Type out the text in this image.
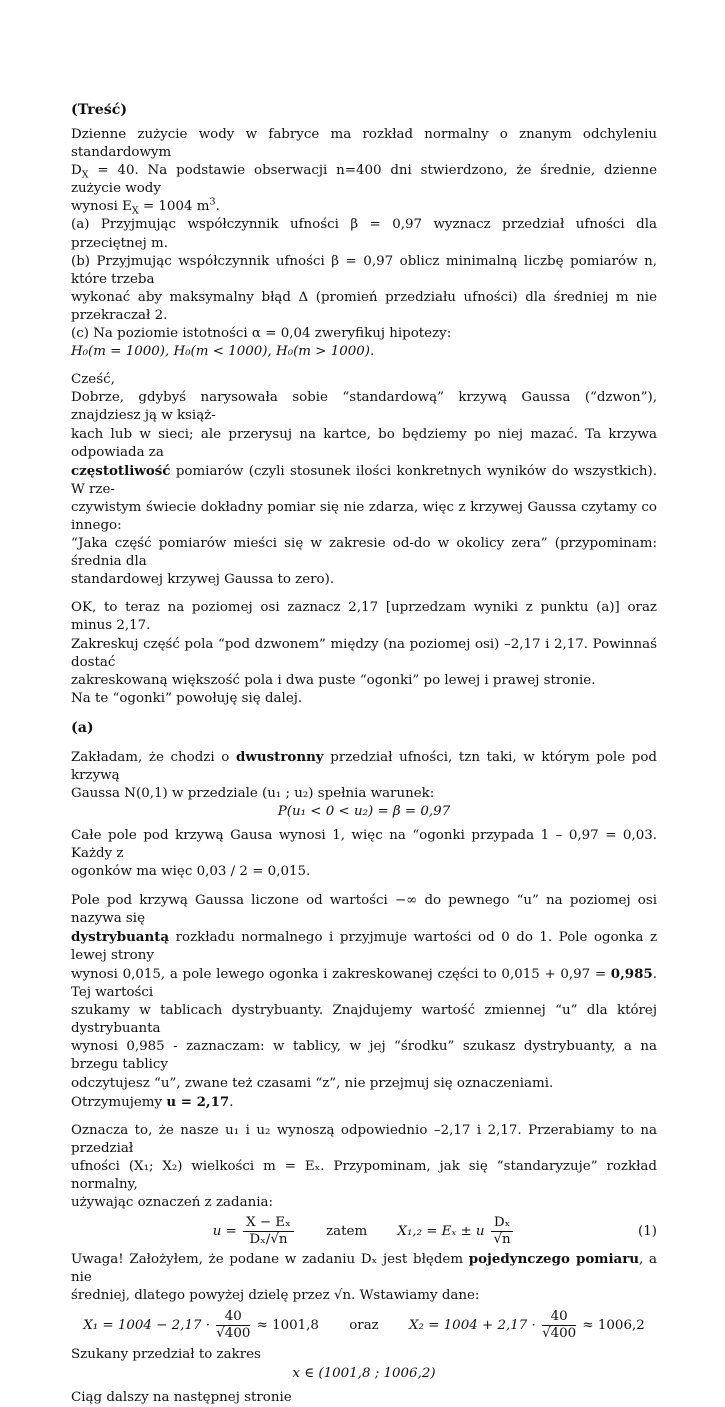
(Treść)

Dzienne zużycie wody w fabryce ma rozkład normalny o znanym odchyleniu standardowym

$D_X = 40$. Na podstawie obserwacji n=400 dni stwierdzono, że średnie, dzienne zużycie wody

wynosi $E_X = 1004$ $m^3$.

(a) Przyjmując współczynnik ufności β = 0,97 wyznacz przedział ufności dla przeciętnej m.

(b) Przyjmując współczynnik ufności β = 0,97 oblicz minimalną liczbę pomiarów n, które trzeba

wykonać aby maksymalny błąd Δ (promień przedziału ufności) dla średniej m nie przekraczał 2.

(c) Na poziomie istotności α = 0,04 zweryfikuj hipotezy:

H₀(m = 1000), H₀(m < 1000), H₀(m > 1000).

Cześć,

Dobrze, gdybyś narysowała sobie “standardową” krzywą Gaussa (“dzwon”), znajdziesz ją w książ-

kach lub w sieci; ale przerysuj na kartce, bo będziemy po niej mazać. Ta krzywa odpowiada za

częstotliwość pomiarów (czyli stosunek ilości konkretnych wyników do wszystkich). W rze-

czywistym świecie dokładny pomiar się nie zdarza, więc z krzywej Gaussa czytamy co innego:

“Jaka część pomiarów mieści się w zakresie od-do w okolicy zera” (przypominam: średnia dla

standardowej krzywej Gaussa to zero).

OK, to teraz na poziomej osi zaznacz 2,17 [uprzedzam wyniki z punktu (a)] oraz minus 2,17.

Zakreskuj część pola “pod dzwonem” między (na poziomej osi) –2,17 i 2,17. Powinnaś dostać

zakreskowaną większość pola i dwa puste “ogonki” po lewej i prawej stronie.

Na te “ogonki” powołuję się dalej.

(a)

Zakładam, że chodzi o dwustronny przedział ufności, tzn taki, w którym pole pod krzywą

Gaussa N(0,1) w przedziale (u₁ ; u₂) spełnia warunek:

P(u₁ < 0 < u₂) = β = 0,97

Całe pole pod krzywą Gausa wynosi 1, więc na “ogonki przypada 1 – 0,97 = 0,03. Każdy z

ogonków ma więc 0,03 / 2 = 0,015.

Pole pod krzywą Gaussa liczone od wartości −∞ do pewnego “u” na poziomej osi nazywa się

dystrybuantą rozkładu normalnego i przyjmuje wartości od 0 do 1. Pole ogonka z lewej strony

wynosi 0,015, a pole lewego ogonka i zakreskowanej części to 0,015 + 0,97 = 0,985. Tej wartości

szukamy w tablicach dystrybuanty. Znajdujemy wartość zmiennej “u” dla której dystrybuanta

wynosi 0,985 - zaznaczam: w tablicy, w jej “środku” szukasz dystrybuanty, a na brzegu tablicy

odczytujesz “u”, zwane też czasami “z”, nie przejmuj się oznaczeniami.

Otrzymujemy u = 2,17.

Oznacza to, że nasze u₁ i u₂ wynoszą odpowiednio –2,17 i 2,17. Przerabiamy to na przedział

ufności (X₁; X₂) wielkości m = Eₓ. Przypominam, jak się “standaryzuje” rozkład normalny,

używając oznaczeń z zadania:

$u = \frac{\text{X − Eₓ}}{\text{Dₓ/√n}}$ zatem X₁,₂ = Eₓ ± u $\frac{\text{Dₓ}}{√n}$	(1)

Uwaga! Założyłem, że podane w zadaniu Dₓ jest błędem pojedynczego pomiaru, a nie

średniej, dlatego powyżej dzielę przez √n. Wstawiamy dane:

$X_1 = 1004 - 2,17 \cdot \frac{40}{√400} \approx 1001,8$ oraz $X_2 = 1004 + 2,17 \cdot \frac{40}{√400} \approx 1006,2$

Szukany przedział to zakres

x ∈ (1001,8 ; 1006,2)

Ciąg dalszy na następnej stronie
